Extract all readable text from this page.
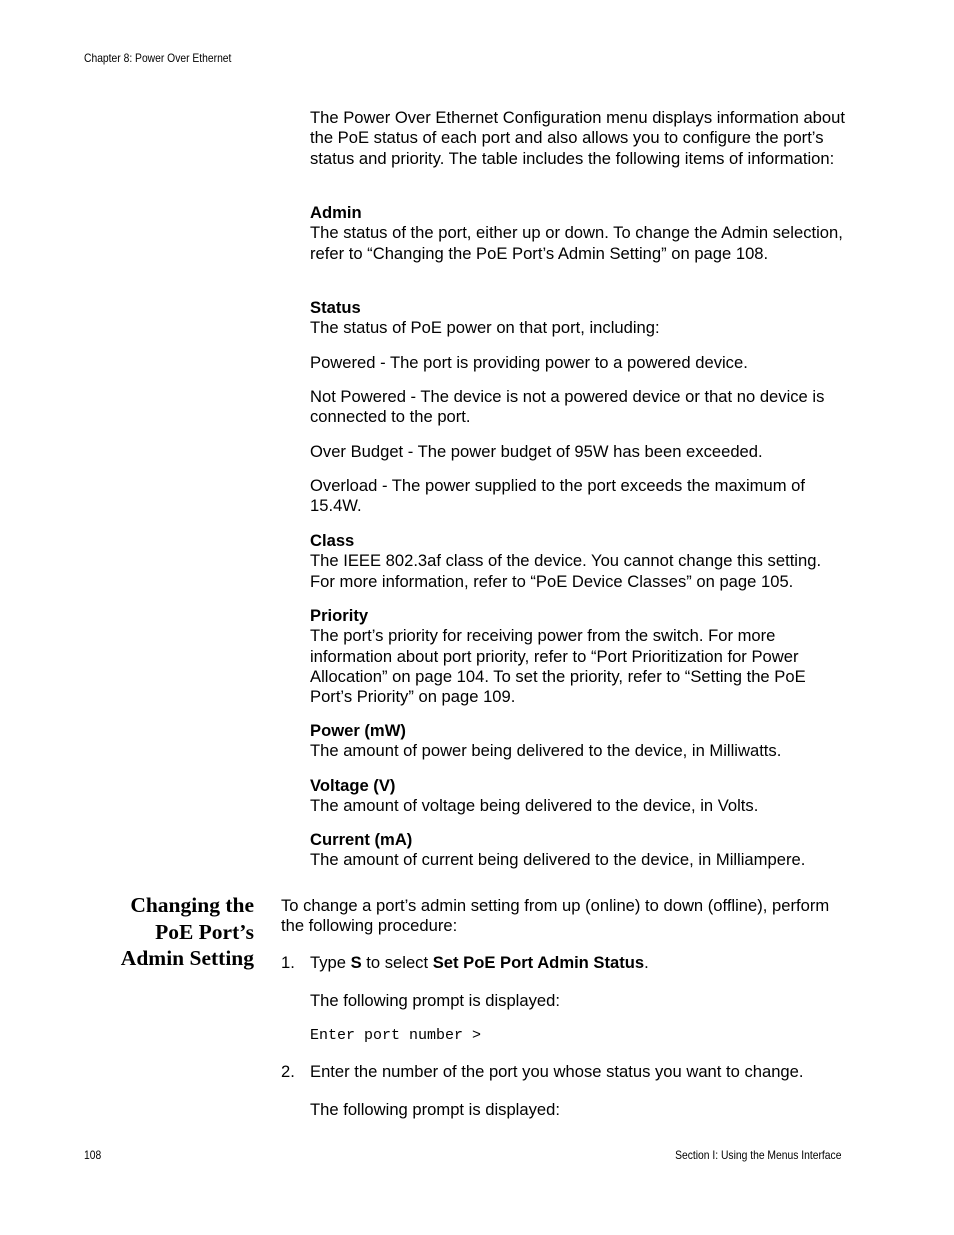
Chapter 8: Power Over Ethernet

The Power Over Ethernet Configuration menu displays information about the PoE status of each port and also allows you to configure the port’s status and priority. The table includes the following items of information:

Admin

The status of the port, either up or down. To change the Admin selection, refer to “Changing the PoE Port’s Admin Setting” on page 108.

Status

The status of PoE power on that port, including:

Powered - The port is providing power to a powered device.

Not Powered - The device is not a powered device or that no device is connected to the port.

Over Budget - The power budget of 95W has been exceeded.

Overload - The power supplied to the port exceeds the maximum of 15.4W.

Class

The IEEE 802.3af class of the device. You cannot change this setting. For more information, refer to “PoE Device Classes” on page 105.

Priority

The port’s priority for receiving power from the switch. For more information about port priority, refer to “Port Prioritization for Power Allocation” on page 104. To set the priority, refer to “Setting the PoE Port’s Priority” on page 109.

Power (mW)

The amount of power being delivered to the device, in Milliwatts.

Voltage (V)

The amount of voltage being delivered to the device, in Volts.

Current (mA)

The amount of current being delivered to the device, in Milliampere.

Changing the
PoE Port’s
Admin Setting

To change a port’s admin setting from up (online) to down (offline), perform the following procedure:

1. Type S to select Set PoE Port Admin Status.
The following prompt is displayed:
Enter port number >
2. Enter the number of the port you whose status you want to change.
The following prompt is displayed:
108	Section I: Using the Menus Interface
